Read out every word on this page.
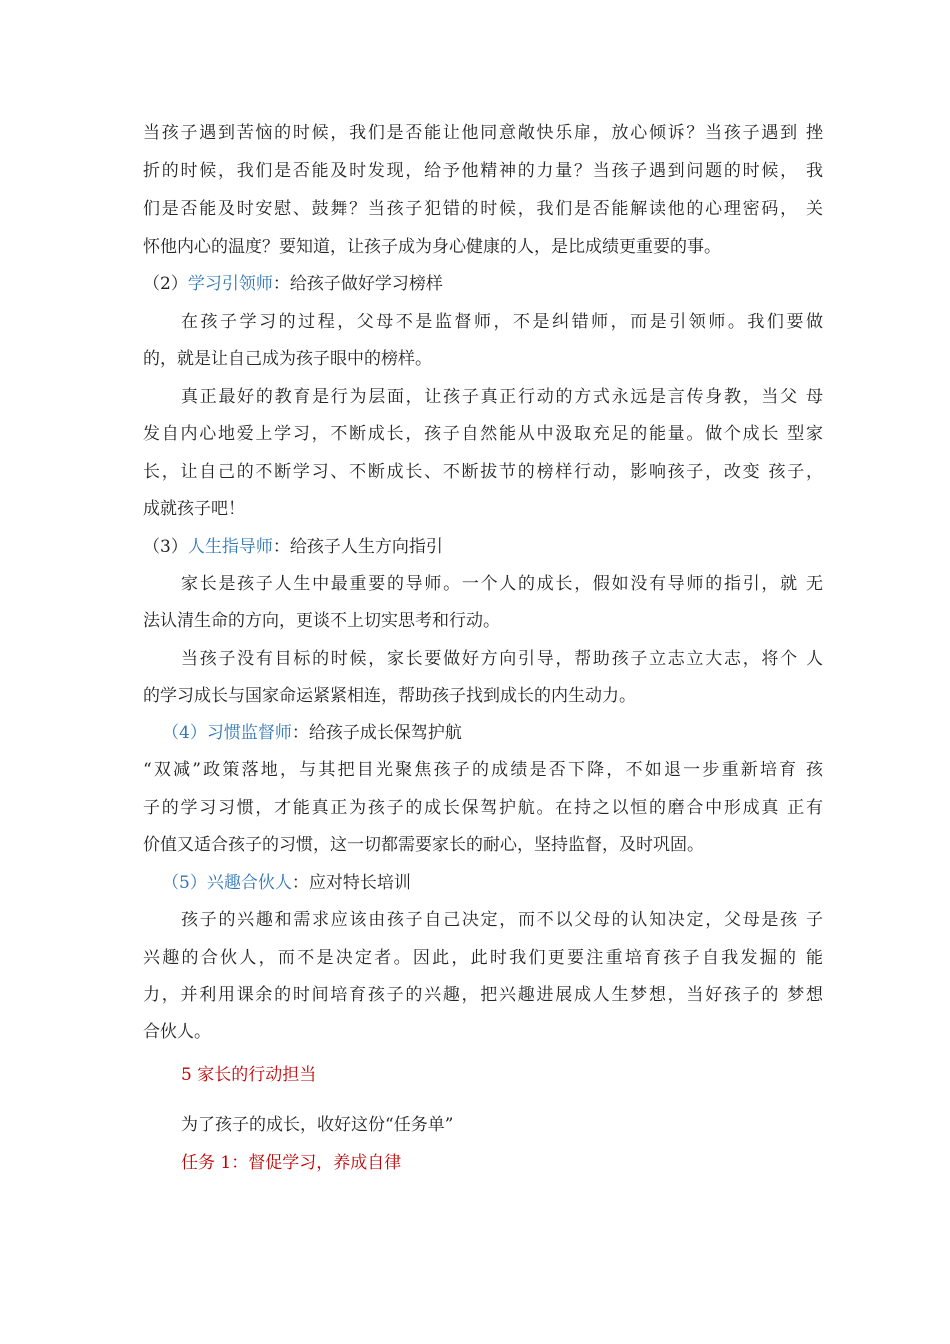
当孩子遇到苦恼的时候，我们是否能让他同意敞快乐扉，放心倾诉？当孩子遇到 挫
折的时候，我们是否能及时发现，给予他精神的力量？当孩子遇到问题的时候， 我
们是否能及时安慰、鼓舞？当孩子犯错的时候，我们是否能解读他的心理密码， 关
怀他内心的温度？要知道，让孩子成为身心健康的人，是比成绩更重要的事。
（2）学习引领师：给孩子做好学习榜样
在孩子学习的过程，父母不是监督师，不是纠错师，而是引领师。我们要做
的，就是让自己成为孩子眼中的榜样。
真正最好的教育是行为层面，让孩子真正行动的方式永远是言传身教，当父 母
发自内心地爱上学习，不断成长，孩子自然能从中汲取充足的能量。做个成长 型家
长，让自己的不断学习、不断成长、不断拔节的榜样行动，影响孩子，改变 孩子，
成就孩子吧！
（3）人生指导师：给孩子人生方向指引
家长是孩子人生中最重要的导师。一个人的成长，假如没有导师的指引，就 无
法认清生命的方向，更谈不上切实思考和行动。
当孩子没有目标的时候，家长要做好方向引导，帮助孩子立志立大志，将个 人
的学习成长与国家命运紧紧相连，帮助孩子找到成长的内生动力。
（4）习惯监督师：给孩子成长保驾护航
“双减”政策落地，与其把目光聚焦孩子的成绩是否下降，不如退一步重新培育 孩
子的学习习惯，才能真正为孩子的成长保驾护航。在持之以恒的磨合中形成真 正有
价值又适合孩子的习惯，这一切都需要家长的耐心，坚持监督，及时巩固。
（5）兴趣合伙人：应对特长培训
孩子的兴趣和需求应该由孩子自己决定，而不以父母的认知决定，父母是孩 子
兴趣的合伙人，而不是决定者。因此，此时我们更要注重培育孩子自我发掘的 能
力，并利用课余的时间培育孩子的兴趣，把兴趣进展成人生梦想，当好孩子的 梦想
合伙人。
5 家长的行动担当
为了孩子的成长，收好这份“任务单”
任务 1：督促学习，养成自律
